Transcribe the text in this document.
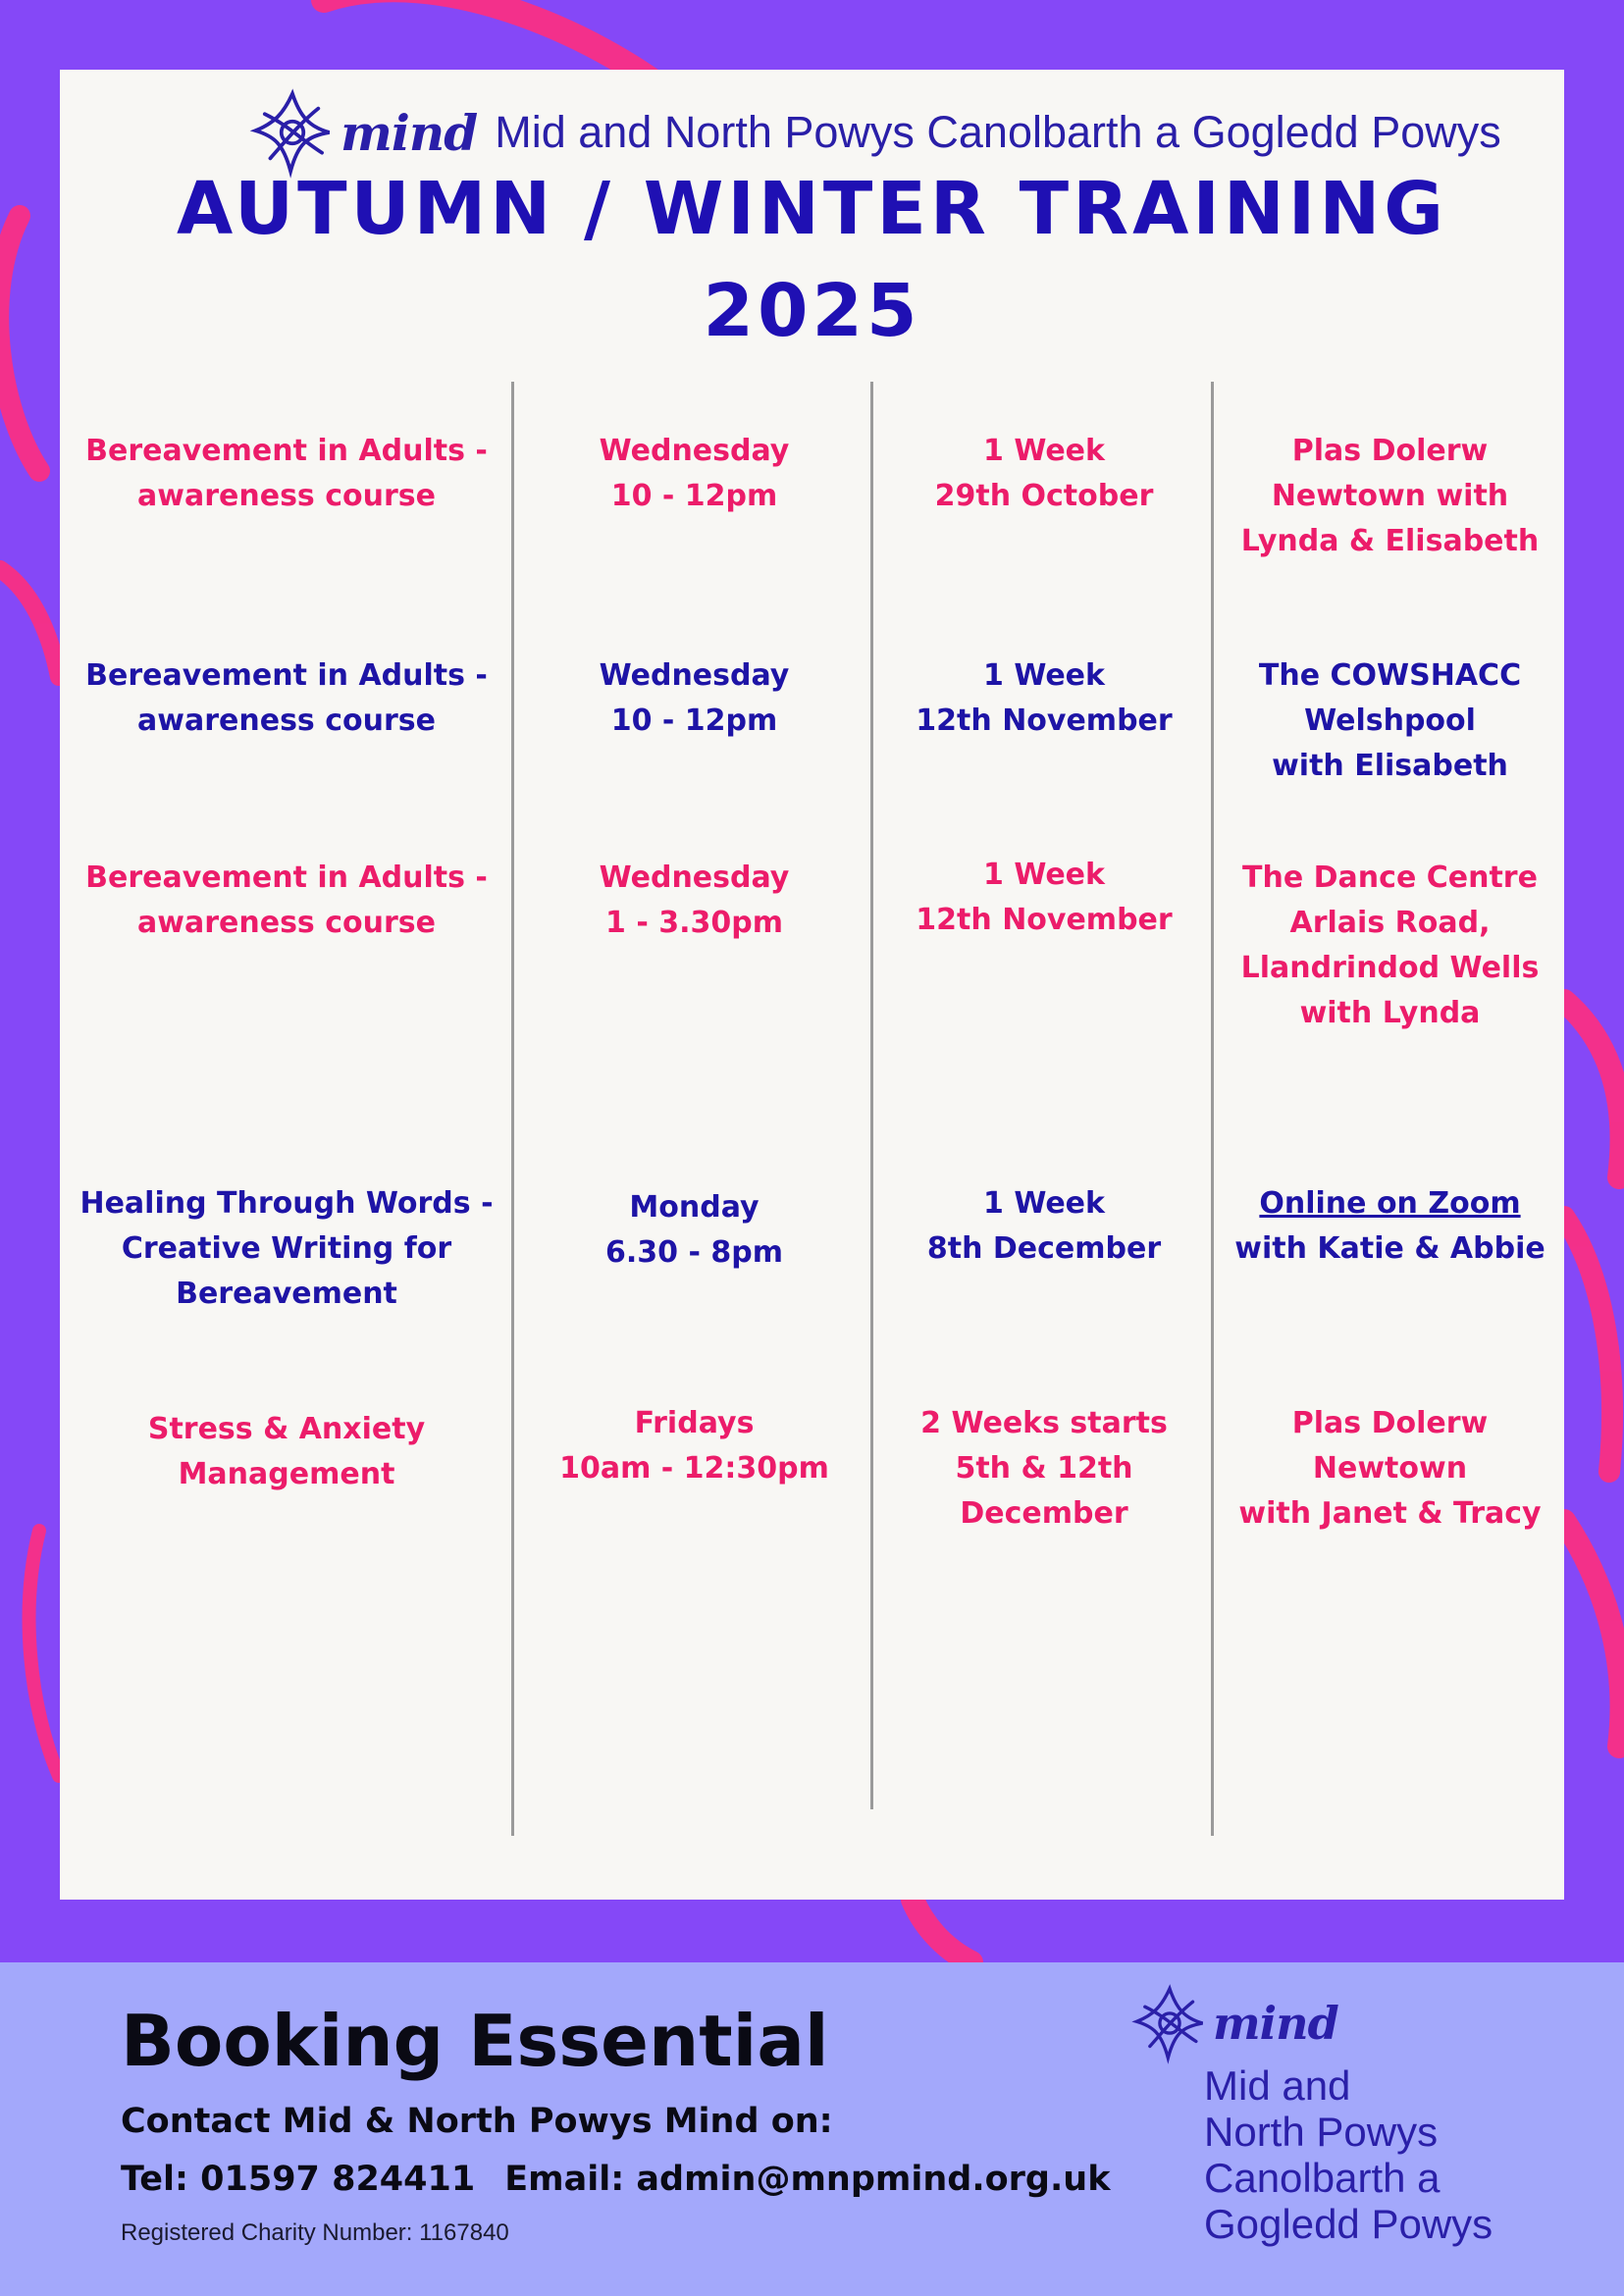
mind Mid and North Powys Canolbarth a Gogledd Powys
AUTUMN / WINTER TRAINING
2025
Bereavement in Adults -
awareness course
Wednesday
10 - 12pm
1 Week
29th October
Plas Dolerw
Newtown with
Lynda & Elisabeth
Bereavement in Adults -
awareness course
Wednesday
10 - 12pm
1 Week
12th November
The COWSHACC
Welshpool
with Elisabeth
Bereavement in Adults -
awareness course
Wednesday
1 - 3.30pm
1 Week
12th November
The Dance Centre
Arlais Road,
Llandrindod Wells
with Lynda
Healing Through Words -
Creative Writing for
Bereavement
Monday
6.30 - 8pm
1 Week
8th December
Online on Zoom
with Katie & Abbie
Stress & Anxiety
Management
Fridays
10am - 12:30pm
2 Weeks starts
5th & 12th
December
Plas Dolerw
Newtown
with Janet & Tracy
Booking Essential
Contact Mid & North Powys Mind on:
Tel: 01597 824411 Email: admin@mnpmind.org.uk
Registered Charity Number: 1167840
mind
Mid and
North Powys
Canolbarth a
Gogledd Powys
